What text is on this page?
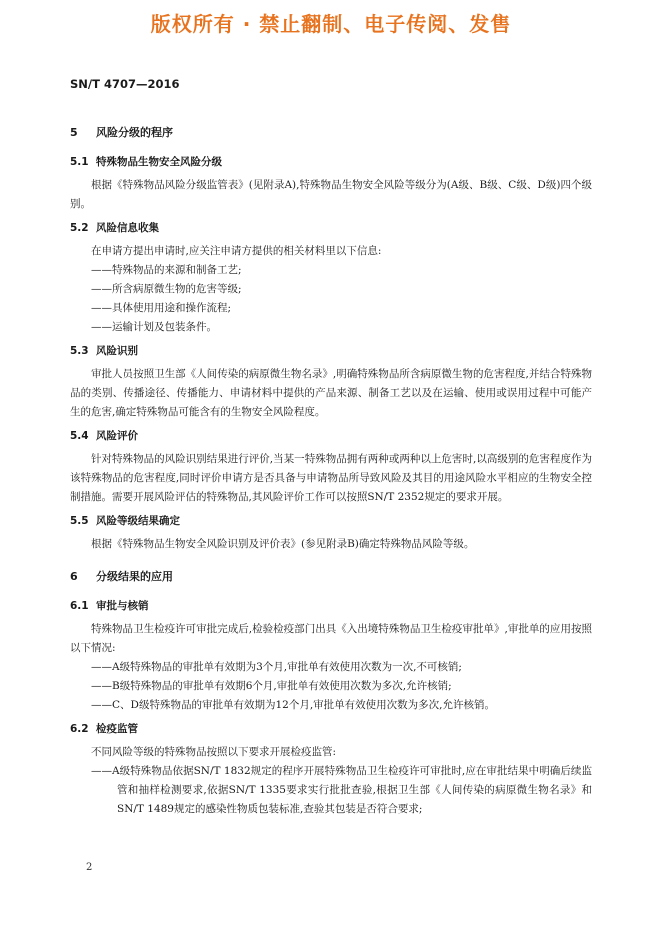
版权所有 · 禁止翻制、电子传阅、发售
SN/T 4707—2016
5 风险分级的程序
5.1 特殊物品生物安全风险分级
根据《特殊物品风险分级监管表》(见附录A),特殊物品生物安全风险等级分为(A级、B级、C级、D级)四个级别。
5.2 风险信息收集
在申请方提出申请时,应关注申请方提供的相关材料里以下信息:
——特殊物品的来源和制备工艺;
——所含病原微生物的危害等级;
——具体使用用途和操作流程;
——运输计划及包装条件。
5.3 风险识别
审批人员按照卫生部《人间传染的病原微生物名录》,明确特殊物品所含病原微生物的危害程度,并结合特殊物品的类别、传播途径、传播能力、申请材料中提供的产品来源、制备工艺以及在运输、使用或误用过程中可能产生的危害,确定特殊物品可能含有的生物安全风险程度。
5.4 风险评价
针对特殊物品的风险识别结果进行评价,当某一特殊物品拥有两种或两种以上危害时,以高级别的危害程度作为该特殊物品的危害程度,同时评价申请方是否具备与申请物品所导致风险及其目的用途风险水平相应的生物安全控制措施。需要开展风险评估的特殊物品,其风险评价工作可以按照SN/T 2352规定的要求开展。
5.5 风险等级结果确定
根据《特殊物品生物安全风险识别及评价表》(参见附录B)确定特殊物品风险等级。
6 分级结果的应用
6.1 审批与核销
特殊物品卫生检疫许可审批完成后,检验检疫部门出具《入出境特殊物品卫生检疫审批单》,审批单的应用按照以下情况:
——A级特殊物品的审批单有效期为3个月,审批单有效使用次数为一次,不可核销;
——B级特殊物品的审批单有效期6个月,审批单有效使用次数为多次,允许核销;
——C、D级特殊物品的审批单有效期为12个月,审批单有效使用次数为多次,允许核销。
6.2 检疫监管
不同风险等级的特殊物品按照以下要求开展检疫监管:
——A级特殊物品依据SN/T 1832规定的程序开展特殊物品卫生检疫许可审批时,应在审批结果中明确后续监管和抽样检测要求,依据SN/T 1335要求实行批批查验,根据卫生部《人间传染的病原微生物名录》和SN/T 1489规定的感染性物质包装标准,查验其包装是否符合要求;
2
